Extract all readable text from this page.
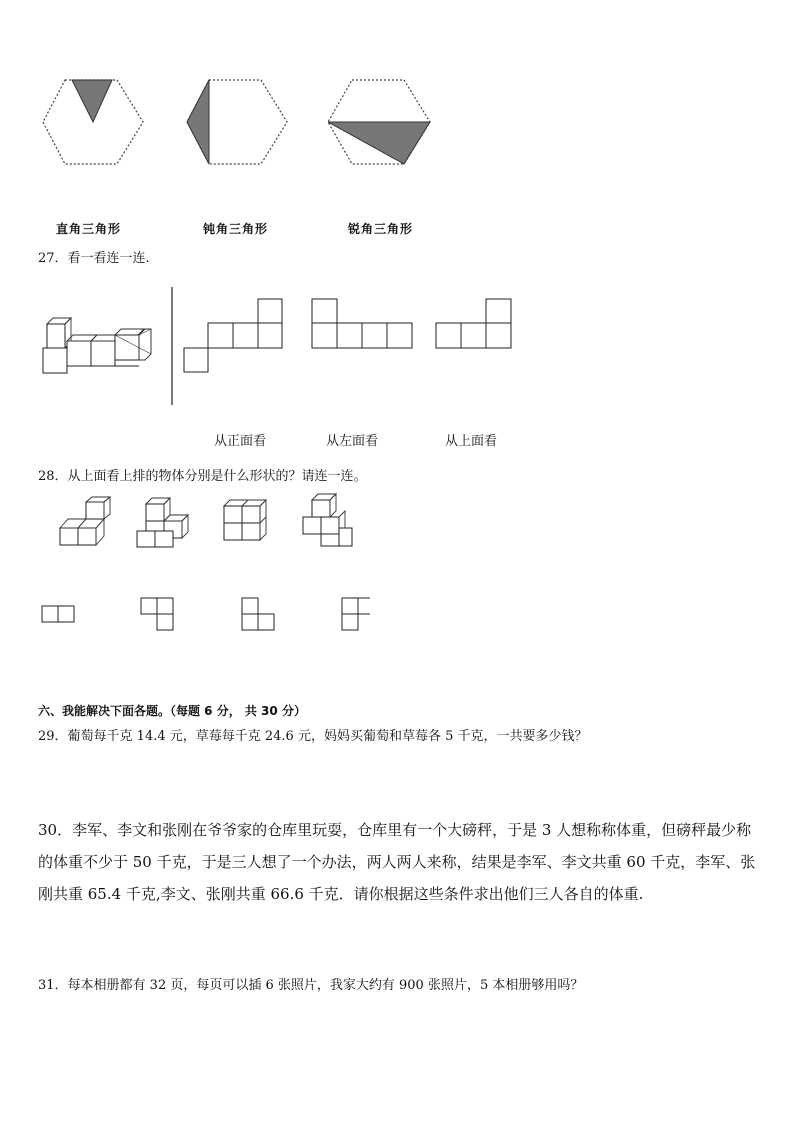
直角三角形	钝角三角形	锐角三角形
27．看一看连一连.
从正面看	从左面看	从上面看
28．从上面看上排的物体分别是什么形状的？请连一连。
六、我能解决下面各题。（每题 6 分， 共 30 分）
29．葡萄每千克 14.4 元，草莓每千克 24.6 元，妈妈买葡萄和草莓各 5 千克，一共要多少钱？
30．李军、李文和张刚在爷爷家的仓库里玩耍，仓库里有一个大磅秤，于是 3 人想称称体重，但磅秤最少称的体重不少于 50 千克，于是三人想了一个办法，两人两人来称，结果是李军、李文共重 60 千克，李军、张刚共重 65.4 千克,李文、张刚共重 66.6 千克．请你根据这些条件求出他们三人各自的体重.
31．每本相册都有 32 页，每页可以插 6 张照片，我家大约有 900 张照片，5 本相册够用吗？
